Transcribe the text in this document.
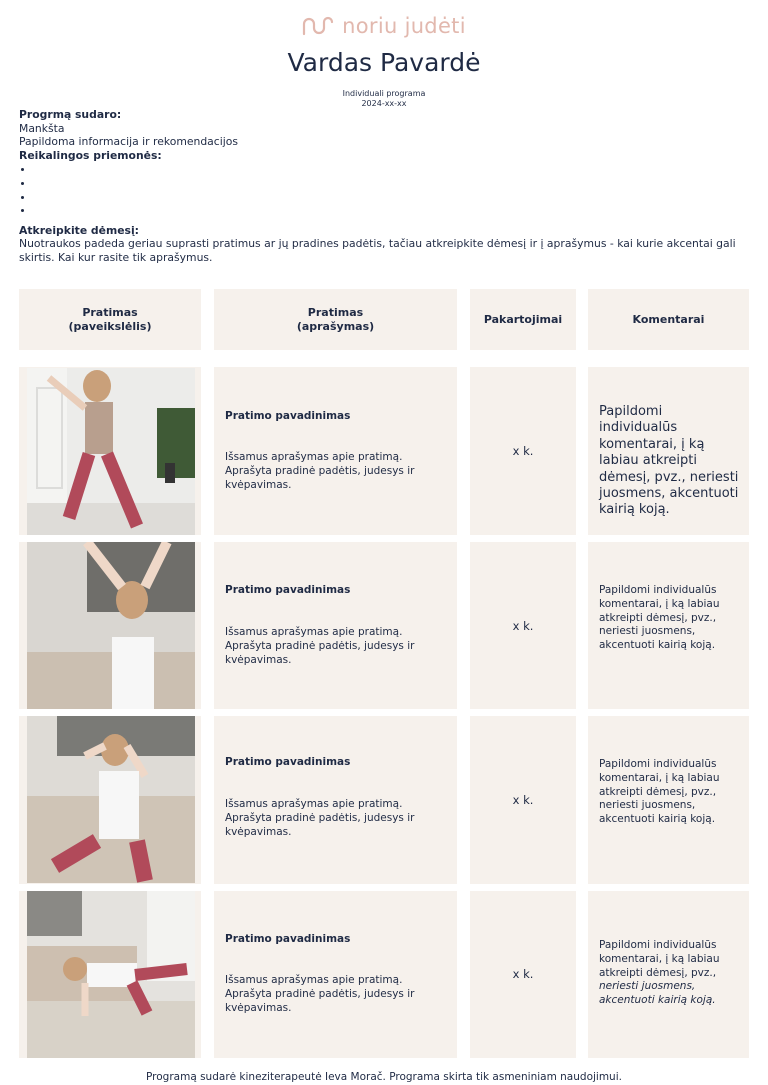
noriu judėti
Vardas Pavardė
Individuali programa
2024-xx-xx
Progrmą sudaro:
Mankšta
Papildoma informacija ir rekomendacijos
Reikalingos priemonės:
•
•
•
•
Atkreipkite dėmesį:
Nuotraukos padeda geriau suprasti pratimus ar jų pradines padėtis, tačiau atkreipkite dėmesį ir į aprašymus - kai kurie akcentai gali skirtis. Kai kur rasite tik aprašymus.
Pratimas
(paveikslėlis)
Pratimas
(aprašymas)
Pakartojimai	Komentarai
Pratimo pavadinimas
Išsamus aprašymas apie pratimą. Aprašyta pradinė padėtis, judesys ir kvėpavimas.
x k.
Papildomi individualūs komentarai, į ką labiau atkreipti dėmesį, pvz., neriesti juosmens, akcentuoti kairią koją.
Pratimo pavadinimas
Išsamus aprašymas apie pratimą. Aprašyta pradinė padėtis, judesys ir kvėpavimas.
x k.
Papildomi individualūs komentarai, į ką labiau atkreipti dėmesį, pvz., neriesti juosmens, akcentuoti kairią koją.
Pratimo pavadinimas
Išsamus aprašymas apie pratimą. Aprašyta pradinė padėtis, judesys ir kvėpavimas.
x k.
Papildomi individualūs komentarai, į ką labiau atkreipti dėmesį, pvz., neriesti juosmens, akcentuoti kairią koją.
Pratimo pavadinimas
Išsamus aprašymas apie pratimą. Aprašyta pradinė padėtis, judesys ir kvėpavimas.
x k.
Papildomi individualūs komentarai, į ką labiau atkreipti dėmesį, pvz., neriesti juosmens, akcentuoti kairią koją.
Programą sudarė kineziterapeutė Ieva Morač. Programa skirta tik asmeniniam naudojimui.
